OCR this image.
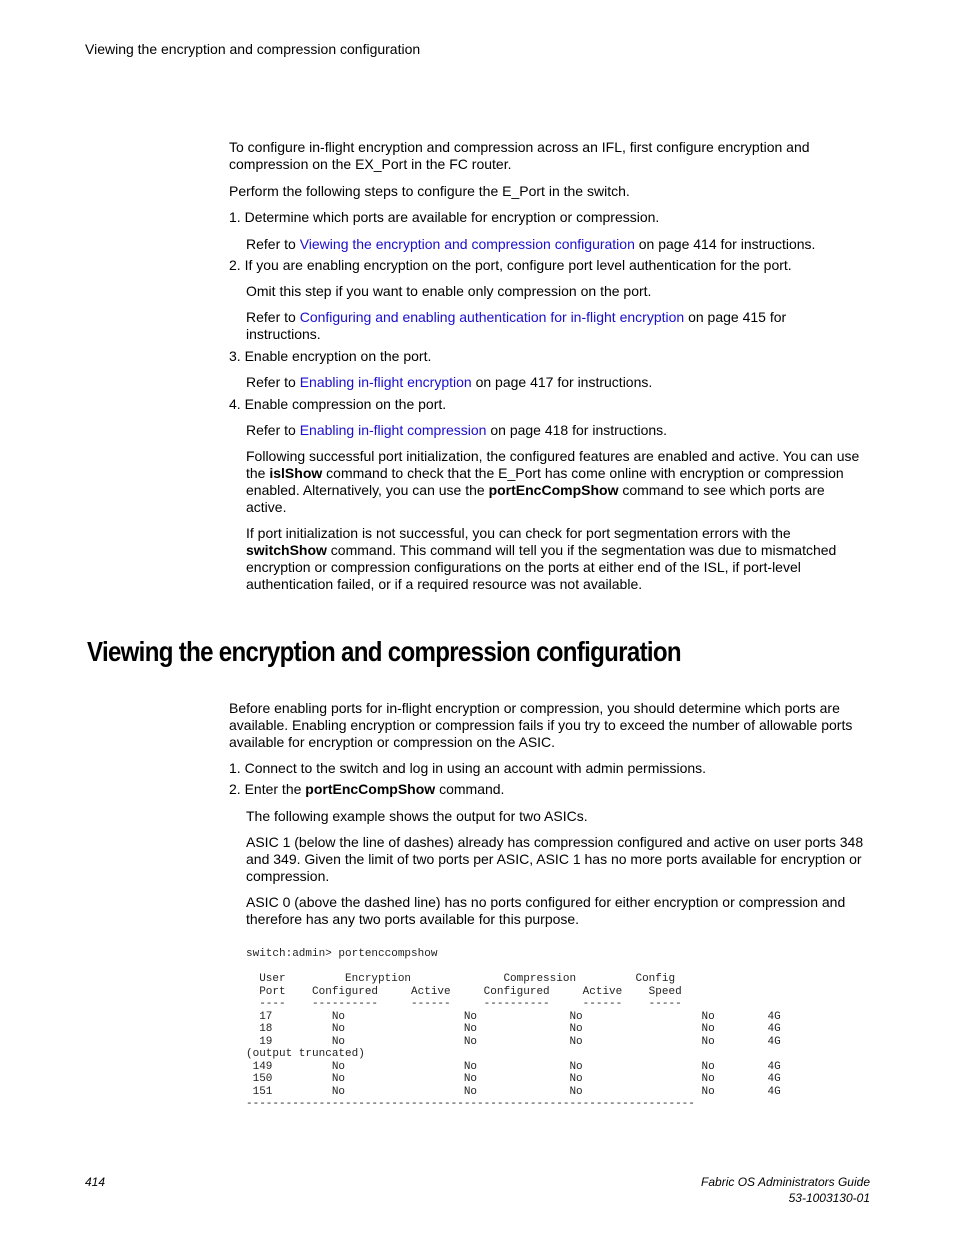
Viewing the encryption and compression configuration

To configure in-flight encryption and compression across an IFL, first configure encryption and compression on the EX_Port in the FC router.

Perform the following steps to configure the E_Port in the switch.

1. Determine which ports are available for encryption or compression.

Refer to Viewing the encryption and compression configuration on page 414 for instructions.

2. If you are enabling encryption on the port, configure port level authentication for the port.

Omit this step if you want to enable only compression on the port.

Refer to Configuring and enabling authentication for in-flight encryption on page 415 for instructions.

3. Enable encryption on the port.

Refer to Enabling in-flight encryption on page 417 for instructions.

4. Enable compression on the port.

Refer to Enabling in-flight compression on page 418 for instructions.

Following successful port initialization, the configured features are enabled and active. You can use the islShow command to check that the E_Port has come online with encryption or compression enabled. Alternatively, you can use the portEncCompShow command to see which ports are active.

If port initialization is not successful, you can check for port segmentation errors with the switchShow command. This command will tell you if the segmentation was due to mismatched encryption or compression configurations on the ports at either end of the ISL, if port-level authentication failed, or if a required resource was not available.

Viewing the encryption and compression configuration

Before enabling ports for in-flight encryption or compression, you should determine which ports are available. Enabling encryption or compression fails if you try to exceed the number of allowable ports available for encryption or compression on the ASIC.

1. Connect to the switch and log in using an account with admin permissions.
2. Enter the portEncCompShow command.

The following example shows the output for two ASICs.

ASIC 1 (below the line of dashes) already has compression configured and active on user ports 348 and 349. Given the limit of two ports per ASIC, ASIC 1 has no more ports available for encryption or compression.

ASIC 0 (above the dashed line) has no ports configured for either encryption or compression and therefore has any two ports available for this purpose.

switch:admin> portenccompshow

User         Encryption              Compression         Config
Port    Configured     Active     Configured     Active    Speed
----    ----------     ------     ----------     ------    -----
17         No                  No              No                  No        4G
18         No                  No              No                  No        4G
19         No                  No              No                  No        4G
(output truncated)
149         No                  No              No                  No        4G
150         No                  No              No                  No        4G
151         No                  No              No                  No        4G
--------------------------------------------------------------------
414	Fabric OS Administrators Guide
53-1003130-01
